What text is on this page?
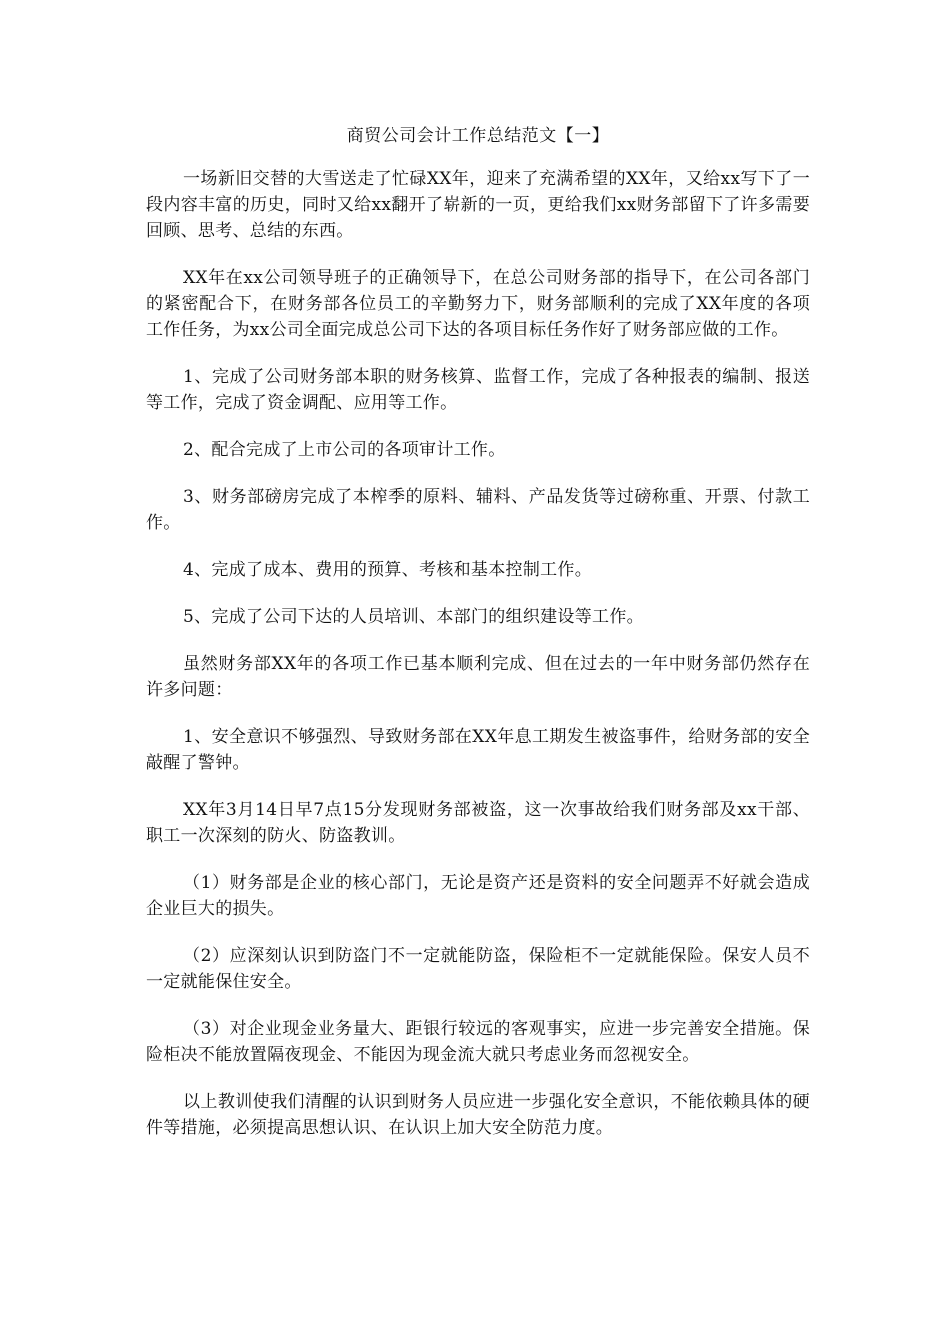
商贸公司会计工作总结范文【一】

一场新旧交替的大雪送走了忙碌XX年，迎来了充满希望的XX年，又给xx写下了一段内容丰富的历史，同时又给xx翻开了崭新的一页，更给我们xx财务部留下了许多需要回顾、思考、总结的东西。

XX年在xx公司领导班子的正确领导下，在总公司财务部的指导下，在公司各部门的紧密配合下，在财务部各位员工的辛勤努力下，财务部顺利的完成了XX年度的各项工作任务，为xx公司全面完成总公司下达的各项目标任务作好了财务部应做的工作。

1、完成了公司财务部本职的财务核算、监督工作，完成了各种报表的编制、报送等工作，完成了资金调配、应用等工作。

2、配合完成了上市公司的各项审计工作。

3、财务部磅房完成了本榨季的原料、辅料、产品发货等过磅称重、开票、付款工作。

4、完成了成本、费用的预算、考核和基本控制工作。

5、完成了公司下达的人员培训、本部门的组织建设等工作。

虽然财务部XX年的各项工作已基本顺利完成、但在过去的一年中财务部仍然存在许多问题：

1、安全意识不够强烈、导致财务部在XX年息工期发生被盗事件，给财务部的安全敲醒了警钟。

XX年3月14日早7点15分发现财务部被盗，这一次事故给我们财务部及xx干部、职工一次深刻的防火、防盗教训。

（1）财务部是企业的核心部门，无论是资产还是资料的安全问题弄不好就会造成企业巨大的损失。

（2）应深刻认识到防盗门不一定就能防盗，保险柜不一定就能保险。保安人员不一定就能保住安全。

（3）对企业现金业务量大、距银行较远的客观事实，应进一步完善安全措施。保险柜决不能放置隔夜现金、不能因为现金流大就只考虑业务而忽视安全。

以上教训使我们清醒的认识到财务人员应进一步强化安全意识，不能依赖具体的硬件等措施，必须提高思想认识、在认识上加大安全防范力度。
